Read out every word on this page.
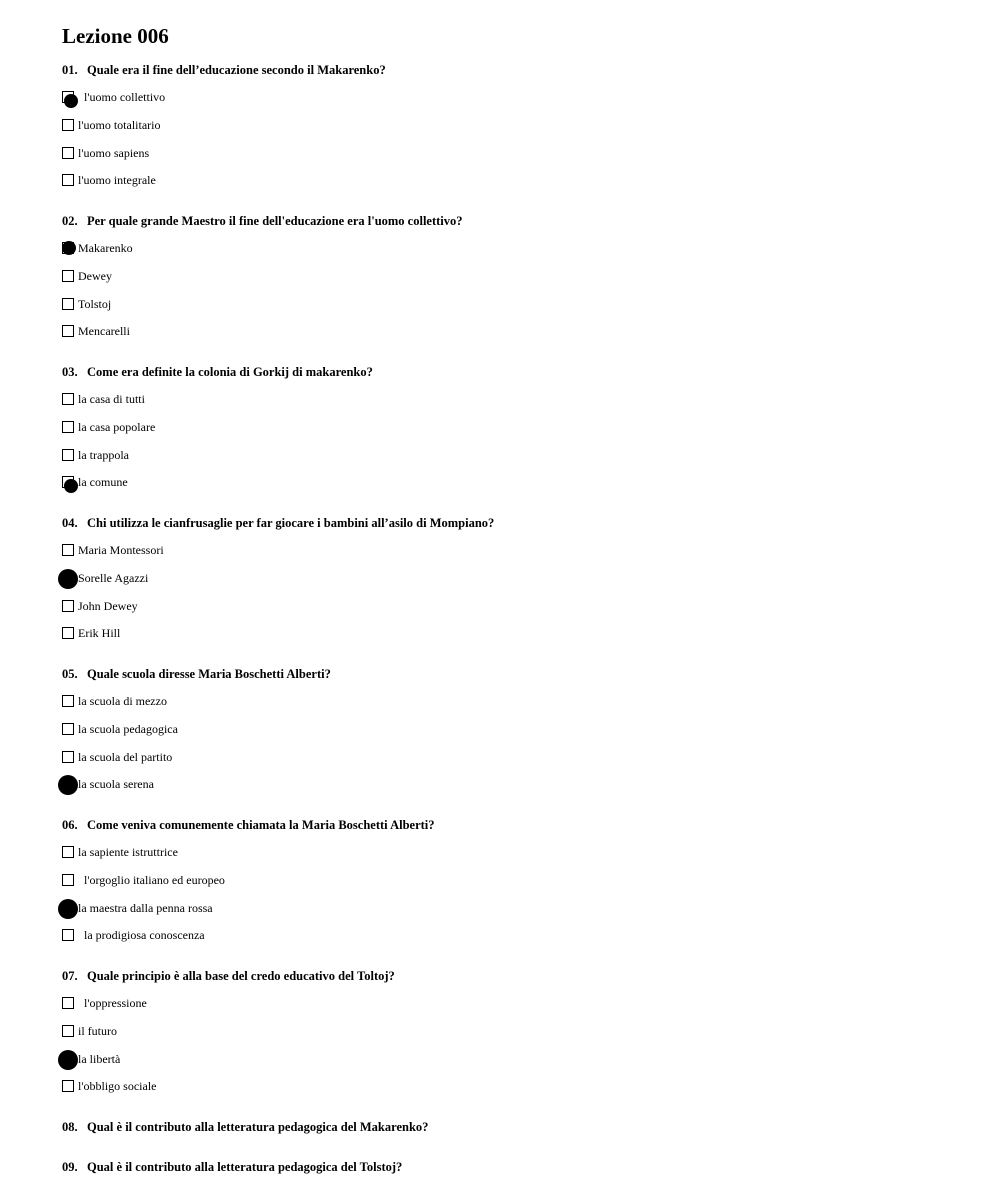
Lezione 006
01. Quale era il fine dell’educazione secondo il Makarenko?
l'uomo collettivo
l'uomo totalitario
l'uomo sapiens
l'uomo integrale
02. Per quale grande Maestro il fine dell'educazione era l'uomo collettivo?
Makarenko
Dewey
Tolstoj
Mencarelli
03. Come era definite la colonia di Gorkij di makarenko?
la casa di tutti
la casa popolare
la trappola
la comune
04. Chi utilizza le cianfrusaglie per far giocare i bambini all’asilo di Mompiano?
Maria Montessori
Sorelle Agazzi
John Dewey
Erik Hill
05. Quale scuola diresse Maria Boschetti Alberti?
la scuola di mezzo
la scuola pedagogica
la scuola del partito
la scuola serena
06. Come veniva comunemente chiamata la Maria Boschetti Alberti?
la sapiente istruttrice
l'orgoglio italiano ed europeo
la maestra dalla penna rossa
la prodigiosa conoscenza
07. Quale principio è alla base del credo educativo del Toltoj?
l'oppressione
il futuro
la libertà
l'obbligo sociale
08. Qual è il contributo alla letteratura pedagogica del Makarenko?
09. Qual è il contributo alla letteratura pedagogica del Tolstoj?
